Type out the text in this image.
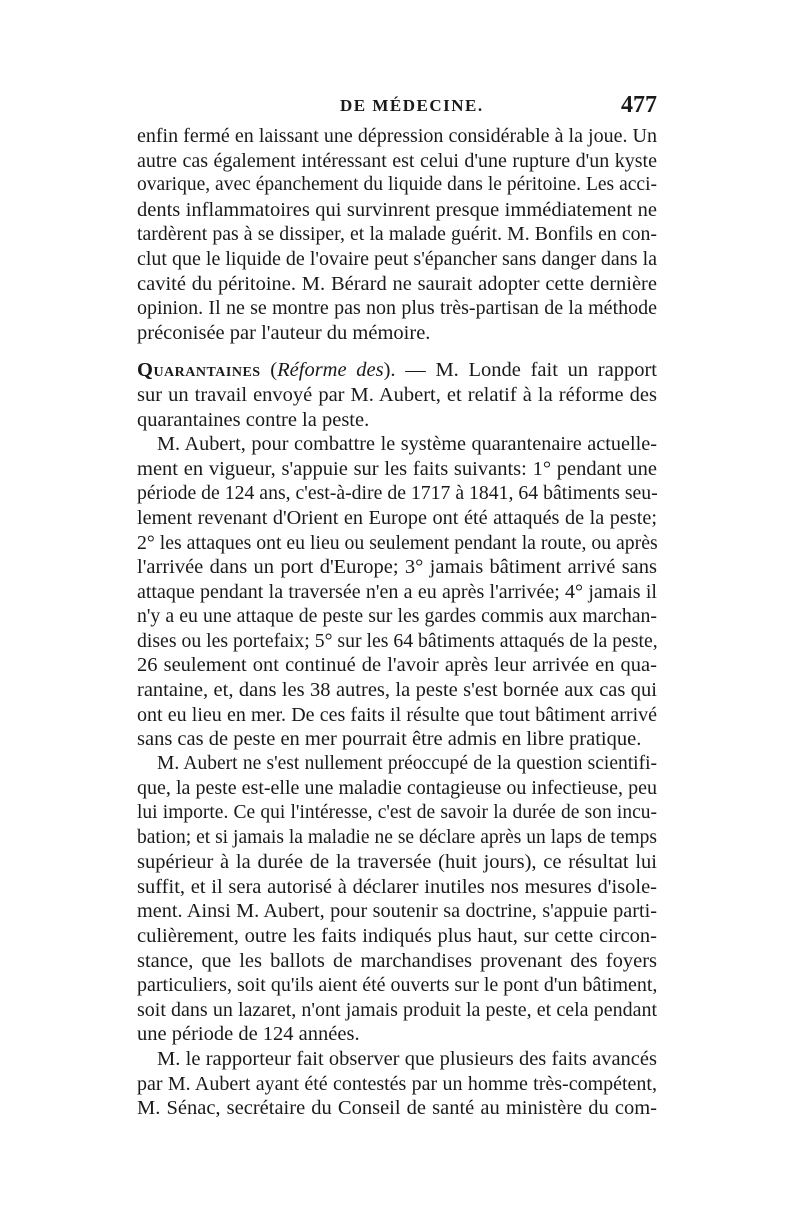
DE MÉDECINE.	477
enfin fermé en laissant une dépression considérable à la joue. Un
autre cas également intéressant est celui d'une rupture d'un kyste
ovarique, avec épanchement du liquide dans le péritoine. Les acci-
dents inflammatoires qui survinrent presque immédiatement ne
tardèrent pas à se dissiper, et la malade guérit. M. Bonfils en con-
clut que le liquide de l'ovaire peut s'épancher sans danger dans la
cavité du péritoine. M. Bérard ne saurait adopter cette dernière
opinion. Il ne se montre pas non plus très-partisan de la méthode
préconisée par l'auteur du mémoire.
Quarantaines (Réforme des). — M. Londe fait un rapport
sur un travail envoyé par M. Aubert, et relatif à la réforme des
quarantaines contre la peste.
M. Aubert, pour combattre le système quarantenaire actuelle-
ment en vigueur, s'appuie sur les faits suivants: 1° pendant une
période de 124 ans, c'est-à-dire de 1717 à 1841, 64 bâtiments seu-
lement revenant d'Orient en Europe ont été attaqués de la peste;
2° les attaques ont eu lieu ou seulement pendant la route, ou après
l'arrivée dans un port d'Europe; 3° jamais bâtiment arrivé sans
attaque pendant la traversée n'en a eu après l'arrivée; 4° jamais il
n'y a eu une attaque de peste sur les gardes commis aux marchan-
dises ou les portefaix; 5° sur les 64 bâtiments attaqués de la peste,
26 seulement ont continué de l'avoir après leur arrivée en qua-
rantaine, et, dans les 38 autres, la peste s'est bornée aux cas qui
ont eu lieu en mer. De ces faits il résulte que tout bâtiment arrivé
sans cas de peste en mer pourrait être admis en libre pratique.
M. Aubert ne s'est nullement préoccupé de la question scientifi-
que, la peste est-elle une maladie contagieuse ou infectieuse, peu
lui importe. Ce qui l'intéresse, c'est de savoir la durée de son incu-
bation; et si jamais la maladie ne se déclare après un laps de temps
supérieur à la durée de la traversée (huit jours), ce résultat lui
suffit, et il sera autorisé à déclarer inutiles nos mesures d'isole-
ment. Ainsi M. Aubert, pour soutenir sa doctrine, s'appuie parti-
culièrement, outre les faits indiqués plus haut, sur cette circon-
stance, que les ballots de marchandises provenant des foyers
particuliers, soit qu'ils aient été ouverts sur le pont d'un bâtiment,
soit dans un lazaret, n'ont jamais produit la peste, et cela pendant
une période de 124 années.
M. le rapporteur fait observer que plusieurs des faits avancés
par M. Aubert ayant été contestés par un homme très-compétent,
M. Sénac, secrétaire du Conseil de santé au ministère du com-
